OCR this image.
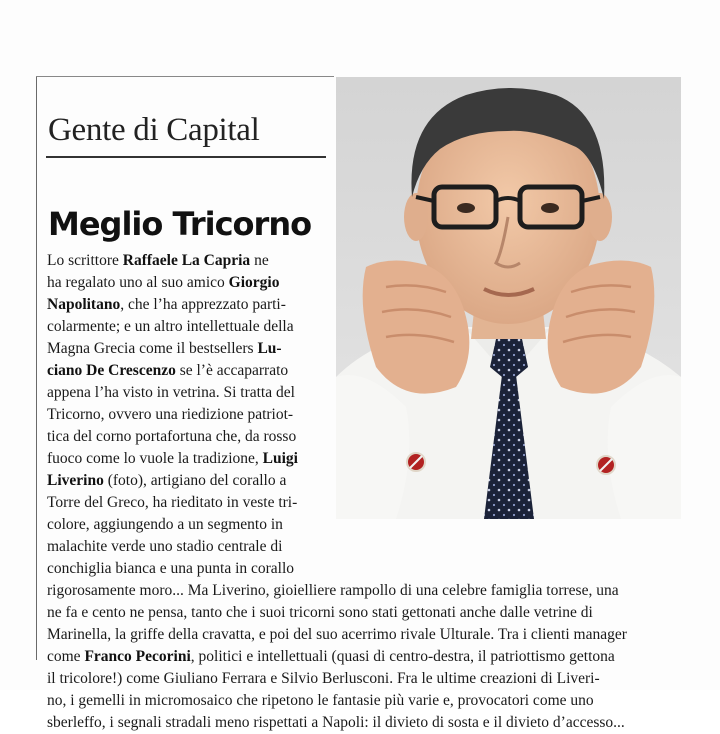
Gente di Capital
Meglio Tricorno
Lo scrittore Raffaele La Capria ne
ha regalato uno al suo amico Giorgio
Napolitano, che l’ha apprezzato parti-
colarmente; e un altro intellettuale della
Magna Grecia come il bestsellers Lu-
ciano De Crescenzo se l’è accaparrato
appena l’ha visto in vetrina. Si tratta del
Tricorno, ovvero una riedizione patriot-
tica del corno portafortuna che, da rosso
fuoco come lo vuole la tradizione, Luigi
Liverino (foto), artigiano del corallo a
Torre del Greco, ha rieditato in veste tri-
colore, aggiungendo a un segmento in
malachite verde uno stadio centrale di
conchiglia bianca e una punta in corallo
rigorosamente moro... Ma Liverino, gioielliere rampollo di una celebre famiglia torrese, una
ne fa e cento ne pensa, tanto che i suoi tricorni sono stati gettonati anche dalle vetrine di
Marinella, la griffe della cravatta, e poi del suo acerrimo rivale Ulturale. Tra i clienti manager
come Franco Pecorini, politici e intellettuali (quasi di centro-destra, il patriottismo gettona
il tricolore!) come Giuliano Ferrara e Silvio Berlusconi. Fra le ultime creazioni di Liveri-
no, i gemelli in micromosaico che ripetono le fantasie più varie e, provocatori come uno
sberleffo, i segnali stradali meno rispettati a Napoli: il divieto di sosta e il divieto d’accesso...
